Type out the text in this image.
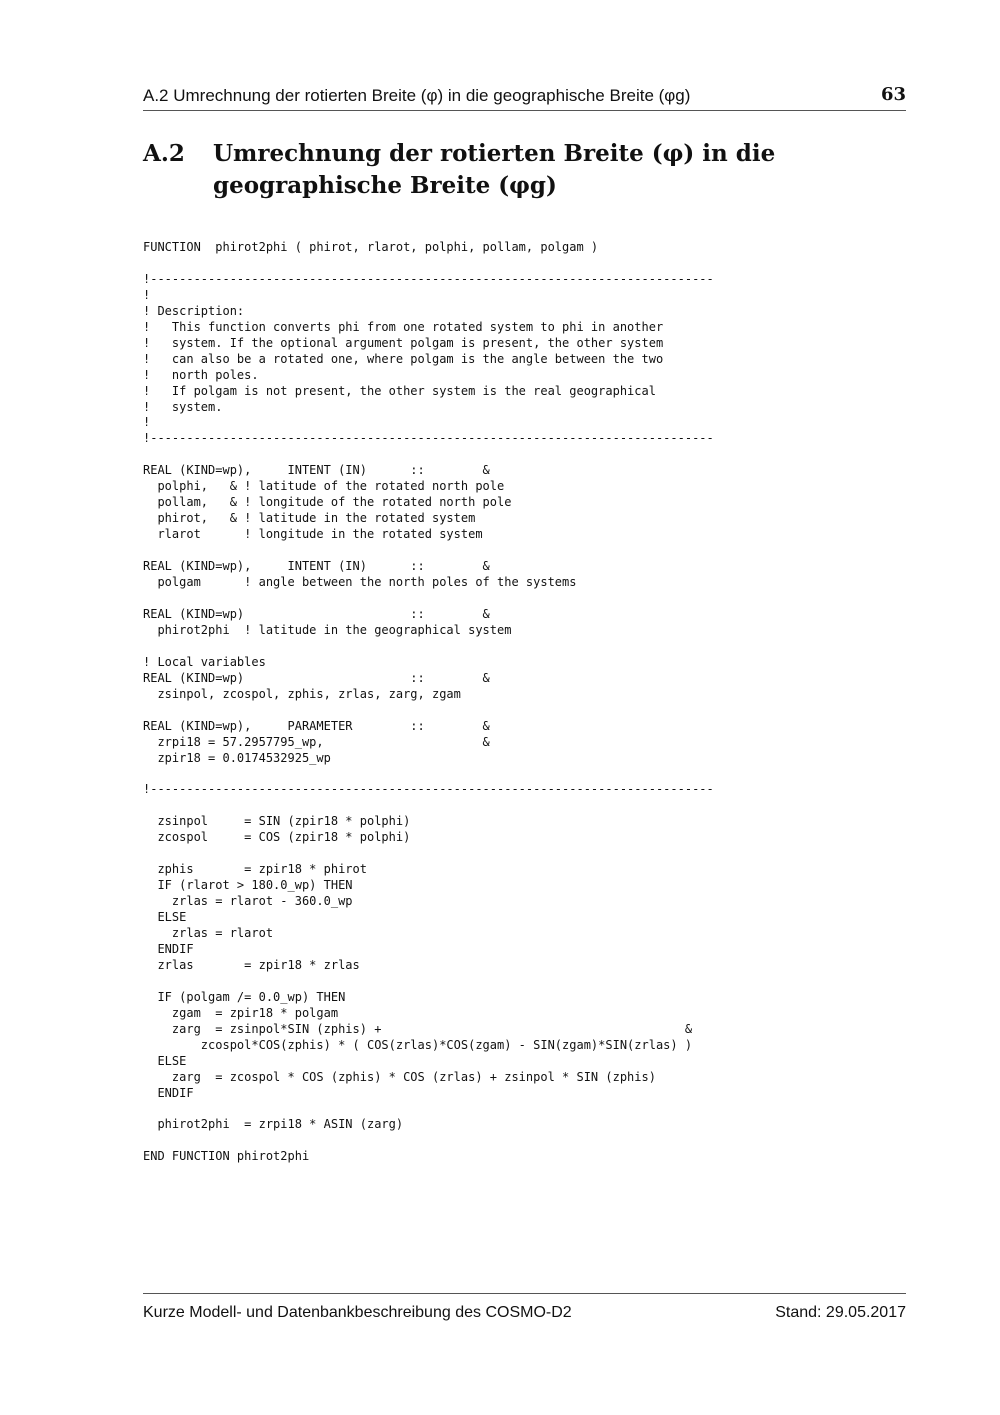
A.2 Umrechnung der rotierten Breite (φ) in die geographische Breite (φg)	63
A.2 Umrechnung der rotierten Breite (φ) in die geographische Breite (φg)
FUNCTION  phirot2phi ( phirot, rlarot, polphi, pollam, polgam )

!------------------------------------------------------------------------------
!
! Description:
!   This function converts phi from one rotated system to phi in another
!   system. If the optional argument polgam is present, the other system
!   can also be a rotated one, where polgam is the angle between the two
!   north poles.
!   If polgam is not present, the other system is the real geographical
!   system.
!
!------------------------------------------------------------------------------

REAL (KIND=wp),     INTENT (IN)      ::        &
polphi,   & ! latitude of the rotated north pole
pollam,   & ! longitude of the rotated north pole
phirot,   & ! latitude in the rotated system
rlarot      ! longitude in the rotated system

REAL (KIND=wp),     INTENT (IN)      ::        &
polgam      ! angle between the north poles of the systems

REAL (KIND=wp)                       ::        &
phirot2phi  ! latitude in the geographical system

! Local variables
REAL (KIND=wp)                       ::        &
zsinpol, zcospol, zphis, zrlas, zarg, zgam

REAL (KIND=wp),     PARAMETER        ::        &
zrpi18 = 57.2957795_wp,                      &
zpir18 = 0.0174532925_wp

!------------------------------------------------------------------------------

zsinpol     = SIN (zpir18 * polphi)
zcospol     = COS (zpir18 * polphi)

zphis       = zpir18 * phirot
IF (rlarot > 180.0_wp) THEN
zrlas = rlarot - 360.0_wp
ELSE
zrlas = rlarot
ENDIF
zrlas       = zpir18 * zrlas

IF (polgam /= 0.0_wp) THEN
zgam  = zpir18 * polgam
zarg  = zsinpol*SIN (zphis) +                                          &
zcospol*COS(zphis) * ( COS(zrlas)*COS(zgam) - SIN(zgam)*SIN(zrlas) )
ELSE
zarg  = zcospol * COS (zphis) * COS (zrlas) + zsinpol * SIN (zphis)
ENDIF

phirot2phi  = zrpi18 * ASIN (zarg)

END FUNCTION phirot2phi
Kurze Modell- und Datenbankbeschreibung des COSMO-D2	Stand: 29.05.2017
